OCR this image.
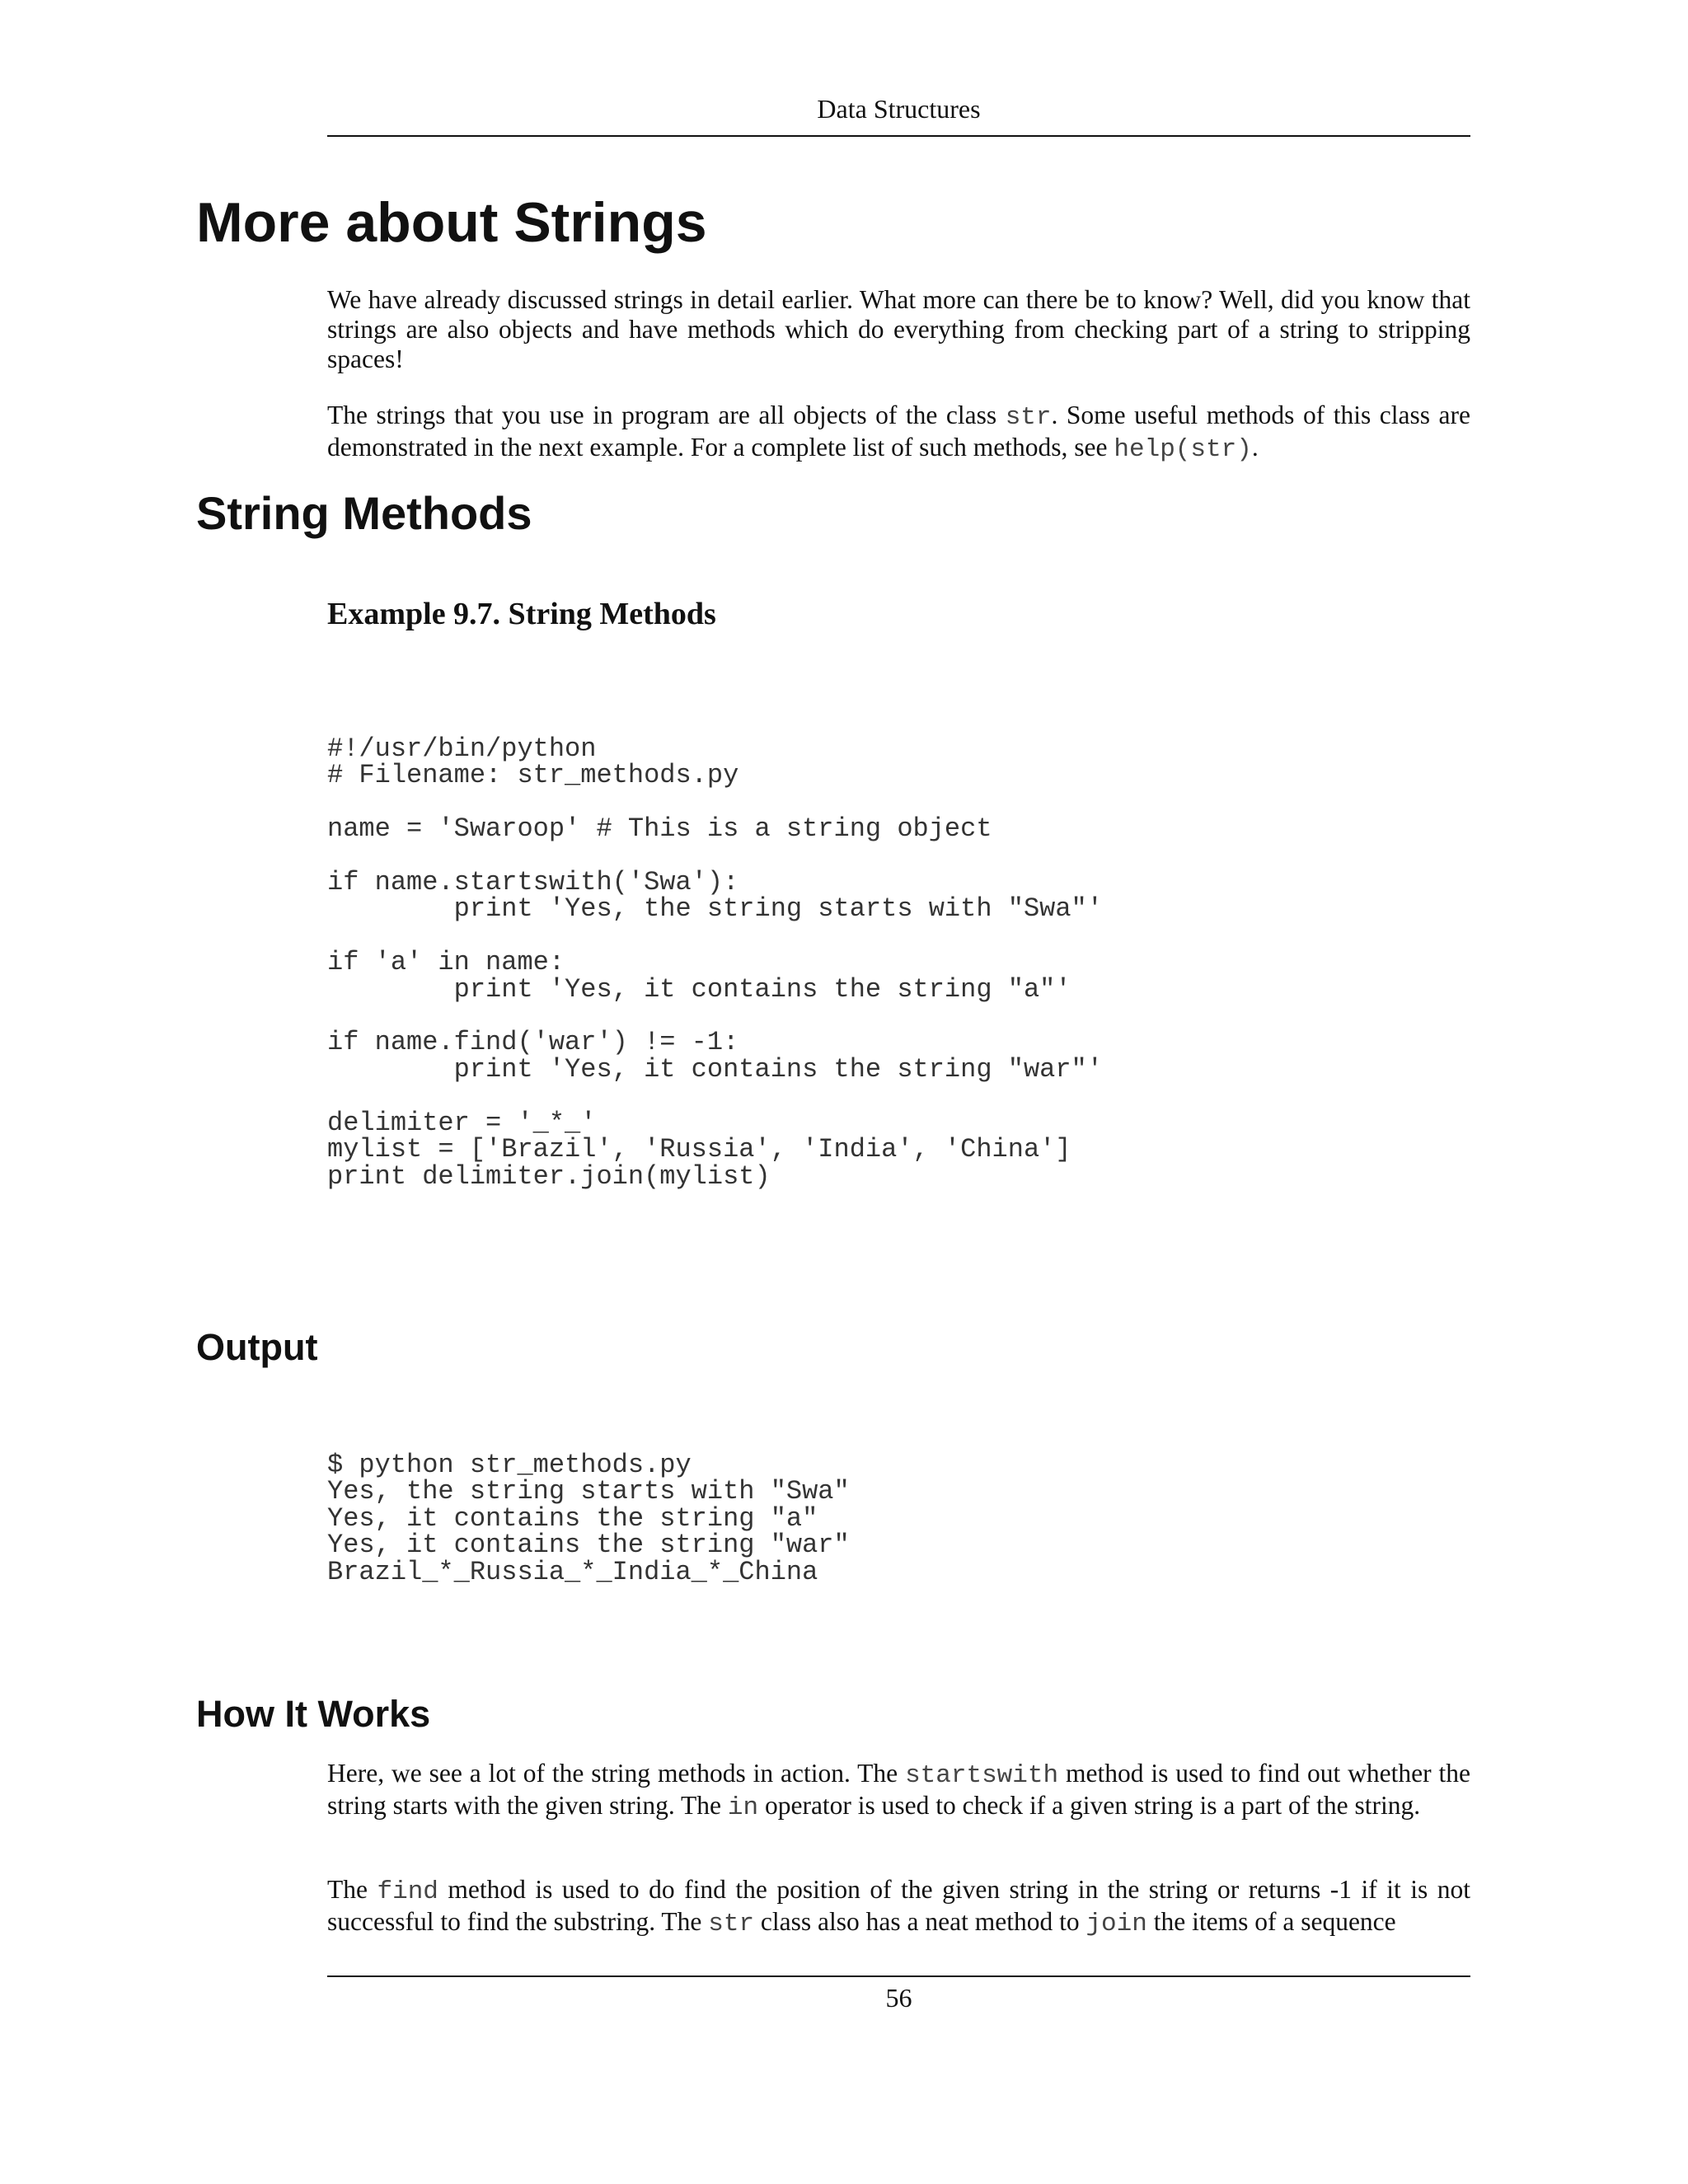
Data Structures
More about Strings

We have already discussed strings in detail earlier. What more can there be to know? Well, did you know that strings are also objects and have methods which do everything from checking part of a string to stripping spaces!

The strings that you use in program are all objects of the class str. Some useful methods of this class are demonstrated in the next example. For a complete list of such methods, see help(str).

String Methods
Example 9.7. String Methods
#!/usr/bin/python
# Filename: str_methods.py

name = 'Swaroop' # This is a string object

if name.startswith('Swa'):
print 'Yes, the string starts with "Swa"'

if 'a' in name:
print 'Yes, it contains the string "a"'

if name.find('war') != -1:
print 'Yes, it contains the string "war"'

delimiter = '_*_'
mylist = ['Brazil', 'Russia', 'India', 'China']
print delimiter.join(mylist)
Output
$ python str_methods.py
Yes, the string starts with "Swa"
Yes, it contains the string "a"
Yes, it contains the string "war"
Brazil_*_Russia_*_India_*_China
How It Works

Here, we see a lot of the string methods in action. The startswith method is used to find out whether the string starts with the given string. The in operator is used to check if a given string is a part of the string.

The find method is used to do find the position of the given string in the string or returns -1 if it is not successful to find the substring. The str class also has a neat method to join the items of a sequence

56
